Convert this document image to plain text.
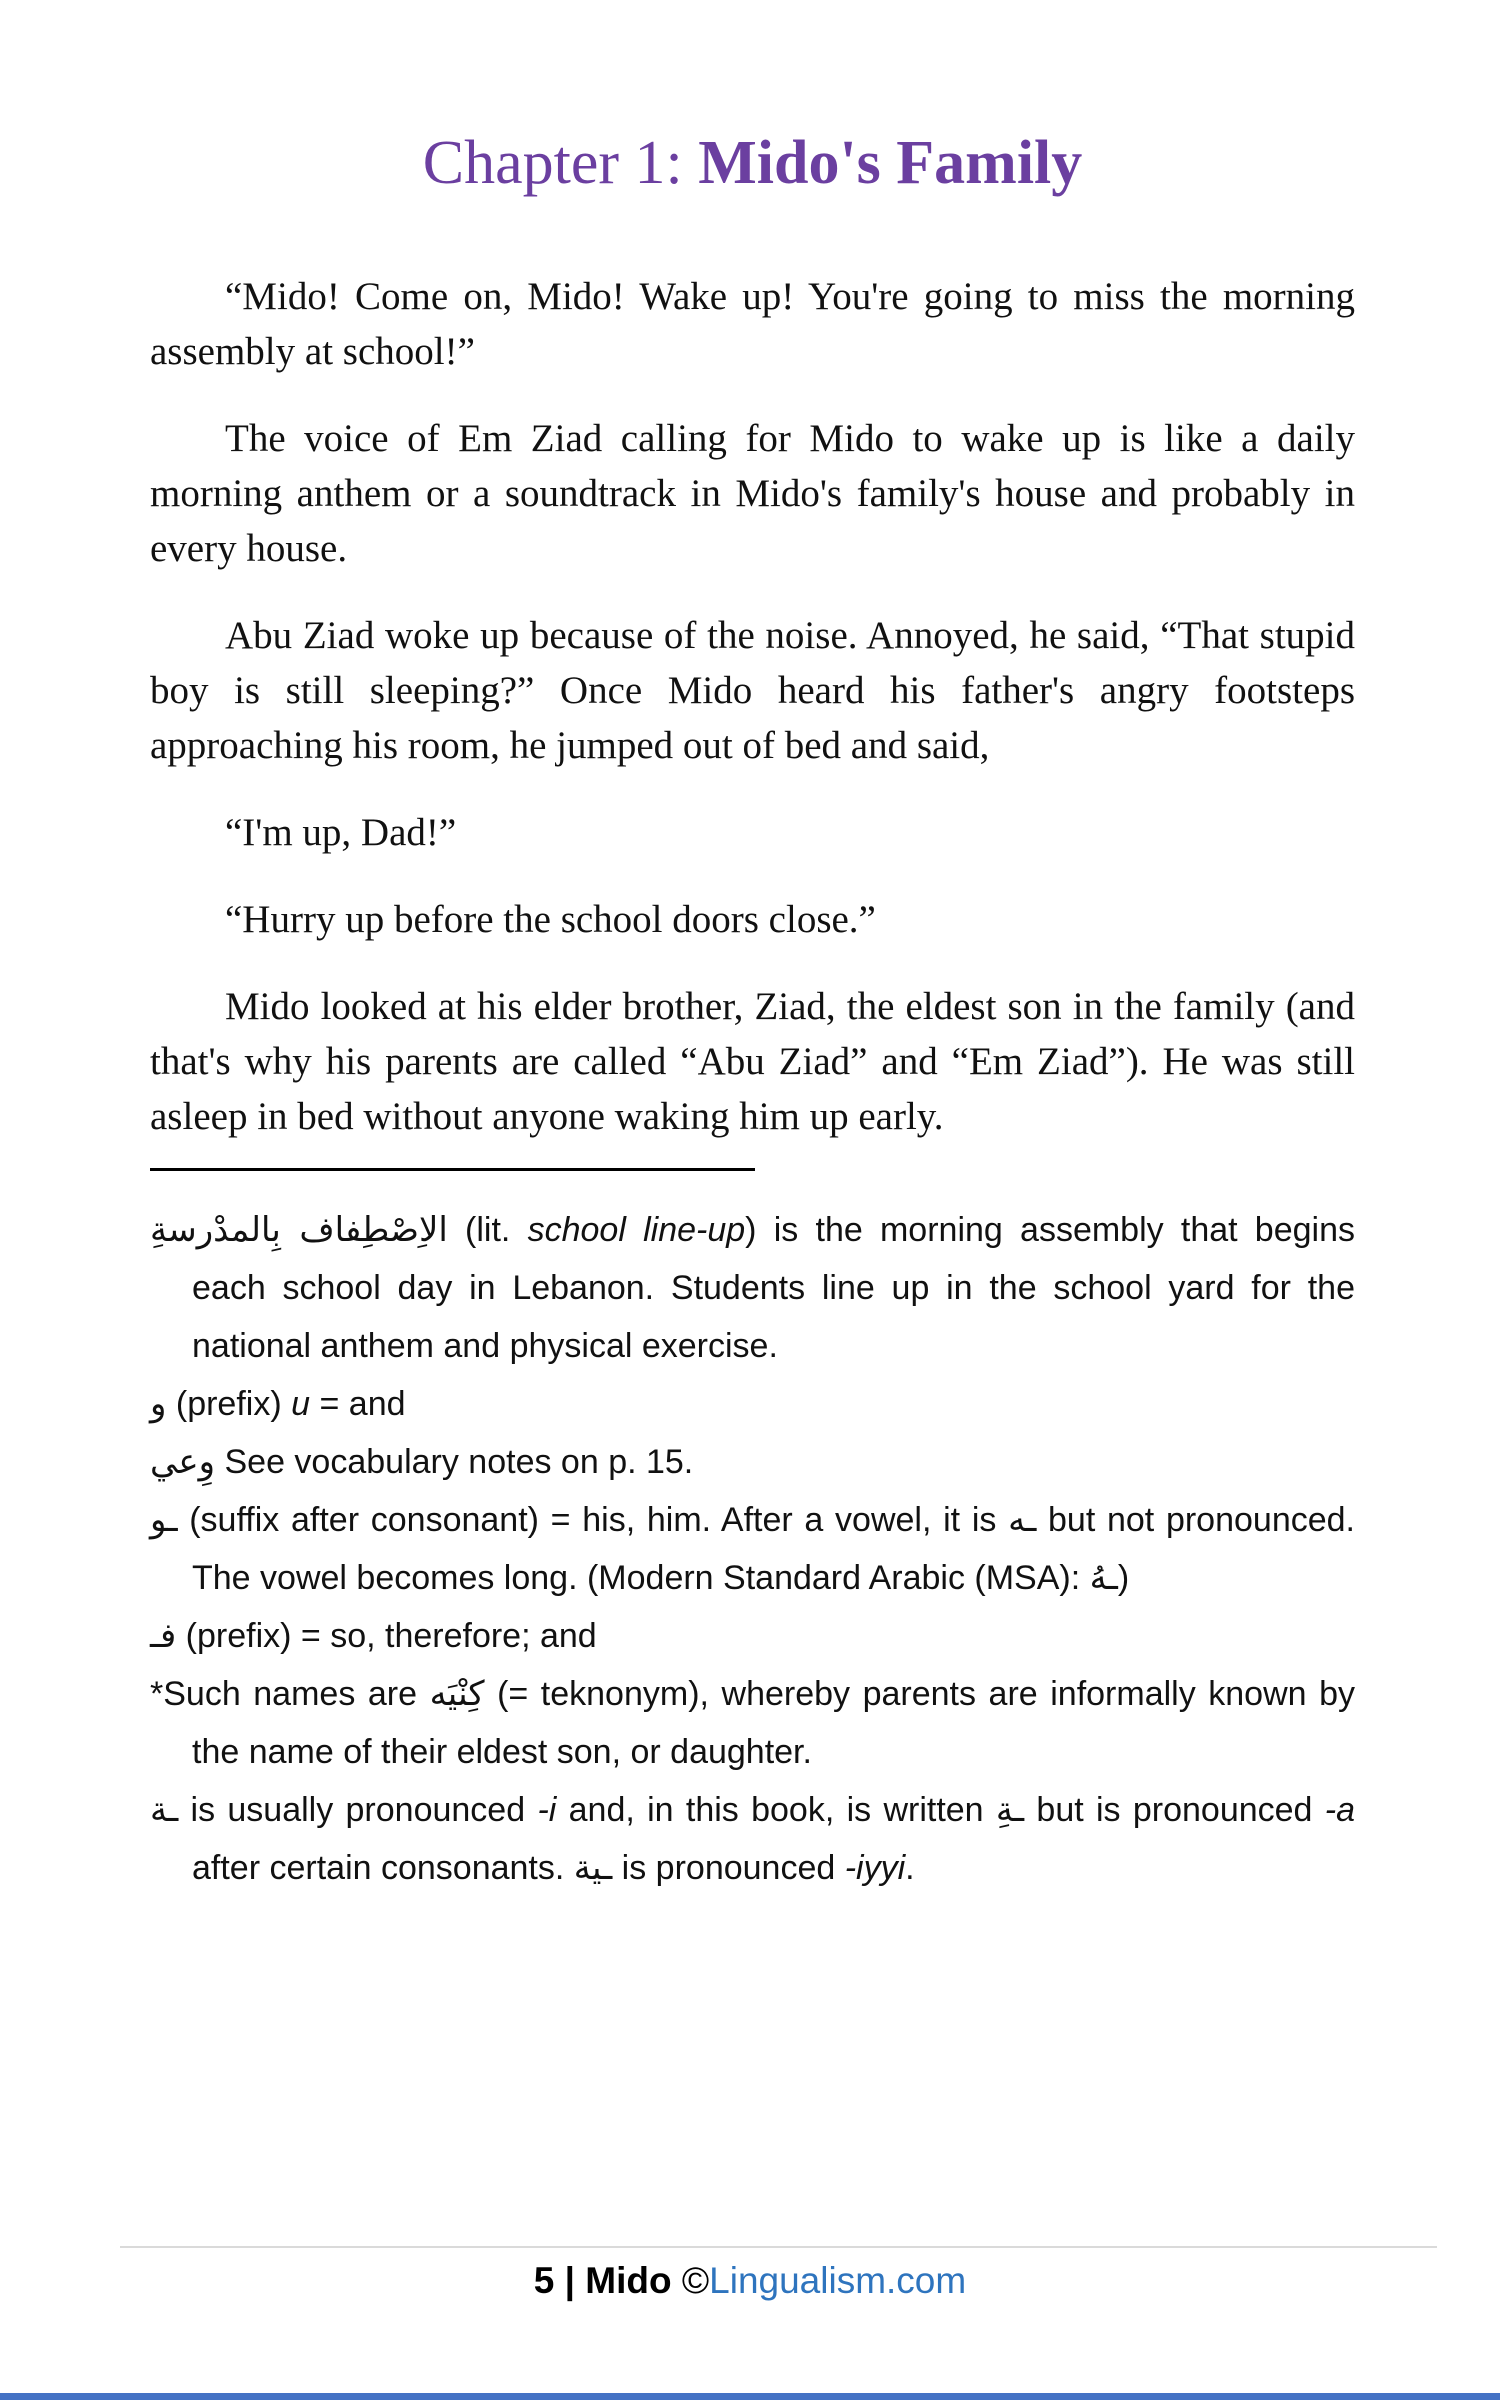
Chapter 1: Mido's Family

“Mido! Come on, Mido! Wake up! You're going to miss the morning assembly at school!”

The voice of Em Ziad calling for Mido to wake up is like a daily morning anthem or a soundtrack in Mido's family's house and probably in every house.

Abu Ziad woke up because of the noise. Annoyed, he said, “That stupid boy is still sleeping?” Once Mido heard his father's angry footsteps approaching his room, he jumped out of bed and said,

“I'm up, Dad!”

“Hurry up before the school doors close.”

Mido looked at his elder brother, Ziad, the eldest son in the family (and that's why his parents are called “Abu Ziad” and “Em Ziad”). He was still asleep in bed without anyone waking him up early.

الاِصْطِفاف بِالمدْرسةِ (lit. school line-up) is the morning assembly that begins each school day in Lebanon. Students line up in the school yard for the national anthem and physical exercise.

و (prefix) u = and

وِعي See vocabulary notes on p. 15.

ـو (suffix after consonant) = his, him. After a vowel, it is ـه but not pronounced. The vowel becomes long. (Modern Standard Arabic (MSA): ـهُ)

فـ (prefix) = so, therefore; and

*Such names are كِنْيَه (= teknonym), whereby parents are informally known by the name of their eldest son, or daughter.

ـة is usually pronounced -i and, in this book, is written ـةِ but is pronounced -a after certain consonants. ـية is pronounced -iyyi.

5 | Mido ©Lingualism.com
